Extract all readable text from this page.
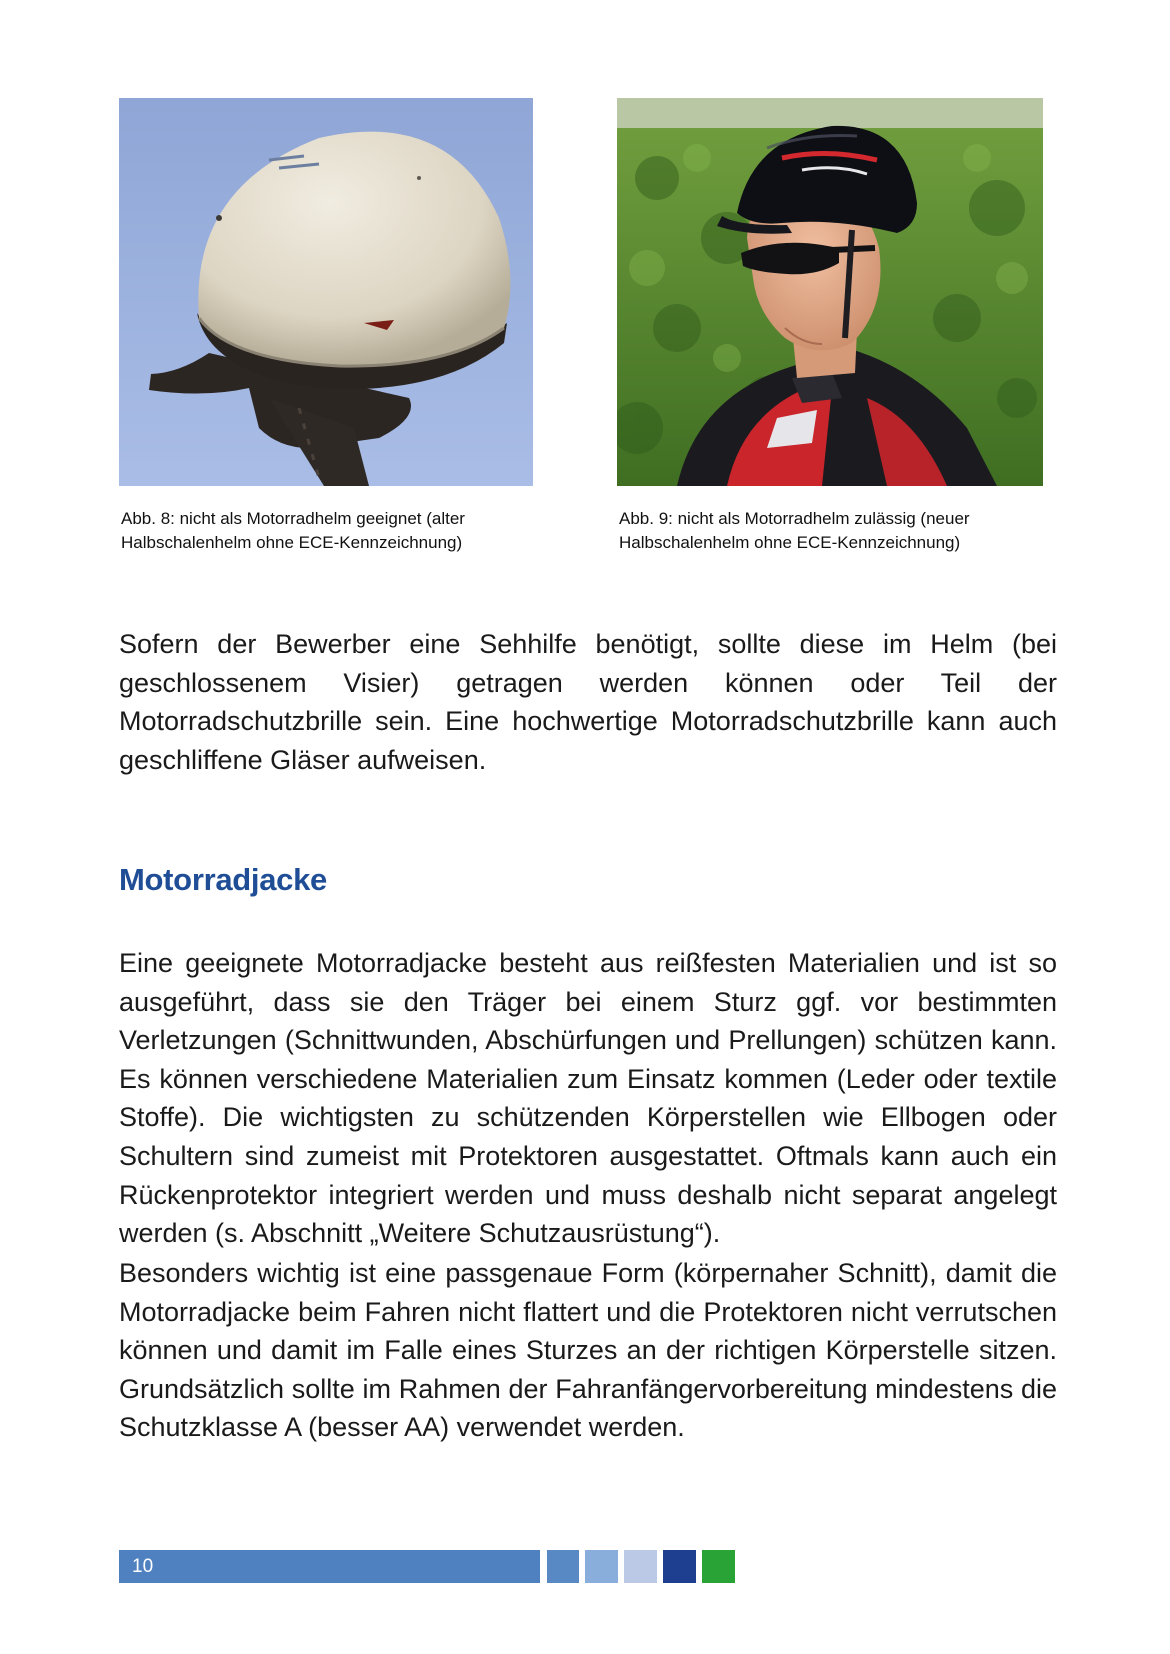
Abb. 8: nicht als Motorradhelm geeignet (alter
Halbschalenhelm ohne ECE-Kennzeichnung)
Abb. 9: nicht als Motorradhelm zulässig (neuer
Halbschalenhelm ohne ECE-Kennzeichnung)

Sofern der Bewerber eine Sehhilfe benötigt, sollte diese im Helm (bei geschlossenem Visier) getragen werden können oder Teil der Motorradschutzbrille sein. Eine hochwertige Motorradschutzbrille kann auch geschliffene Gläser aufweisen.

Motorradjacke

Eine geeignete Motorradjacke besteht aus reißfesten Materialien und ist so ausgeführt, dass sie den Träger bei einem Sturz ggf. vor bestimmten Verletzungen (Schnittwunden, Abschürfungen und Prellungen) schützen kann. Es können verschiedene Materialien zum Einsatz kommen (Leder oder textile Stoffe). Die wichtigsten zu schützenden Körperstellen wie Ellbogen oder Schultern sind zumeist mit Protektoren ausgestattet. Oftmals kann auch ein Rückenprotektor integriert werden und muss deshalb nicht separat angelegt werden (s. Abschnitt „Weitere Schutzausrüstung“).

Besonders wichtig ist eine passgenaue Form (körpernaher Schnitt), damit die Motorradjacke beim Fahren nicht flattert und die Protektoren nicht verrutschen können und damit im Falle eines Sturzes an der richtigen Körperstelle sitzen. Grundsätzlich sollte im Rahmen der Fahranfängervorbereitung mindestens die Schutzklasse A (besser AA) verwendet werden.

10
